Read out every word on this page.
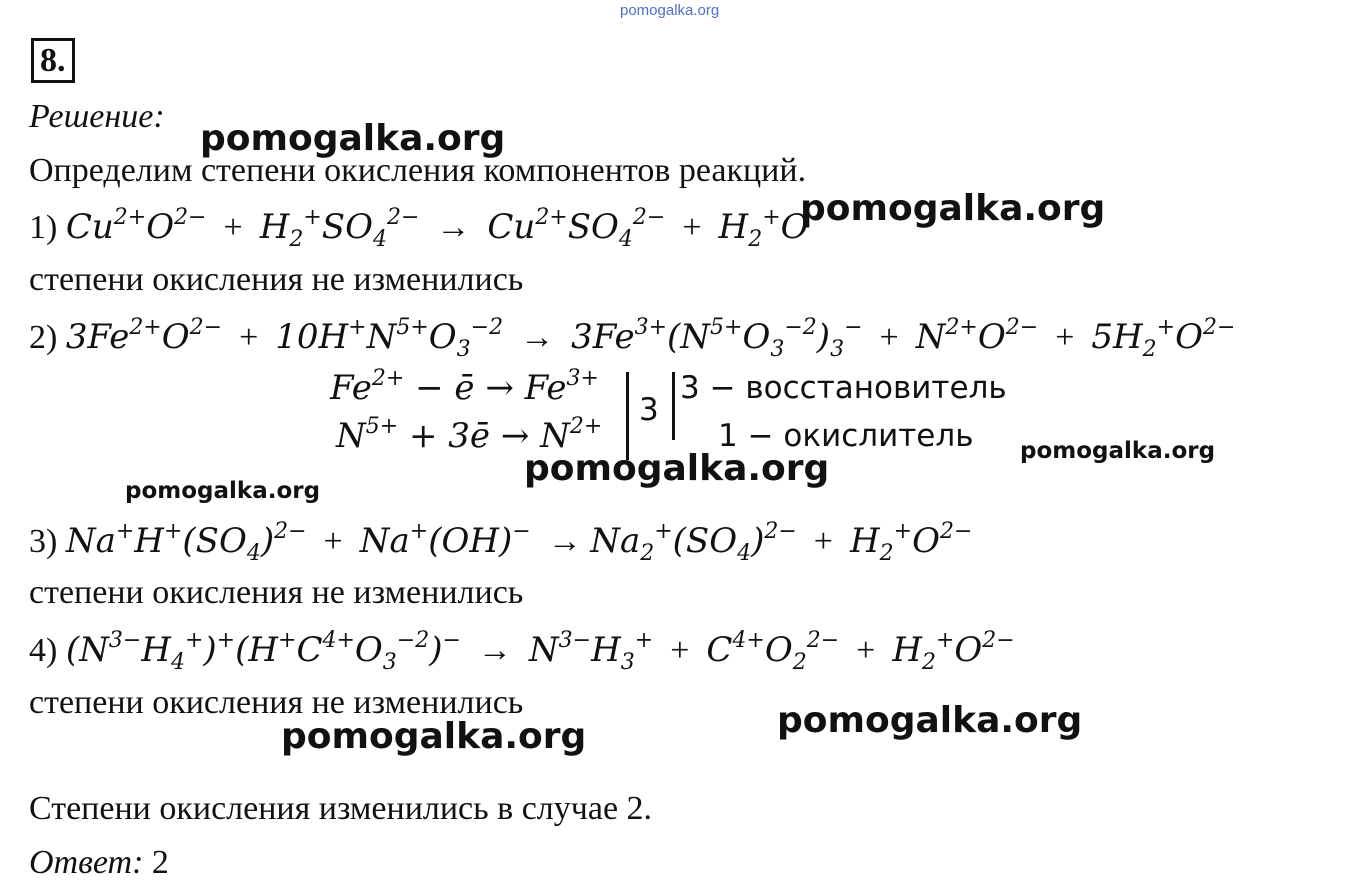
pomogalka.org
8.
Решение:
pomogalka.org
Определим степени окисления компонентов реакций.
1) $Cu^{2+}O^{2-} + H_2^+SO_4^{2-} \to Cu^{2+}SO_4^{2-} + H_2^+O$
pomogalka.org
степени окисления не изменились
2) $3Fe^{2+}O^{2-} + 10H^+N^{5+}O_3^{-2} \to 3Fe^{3+}(N^{5+}O_3^{-2})_3^- + N^{2+}O^{2-} + 5H_2^+O^{2-}$
$Fe^{2+}$ − ē → $Fe^{3+}$
$N^{5+}$ + 3ē → $N^{2+}$ 3
3 − восстановитель
1 − окислитель pomogalka.org
pomogalka.org
pomogalka.org
3) $Na^+H^+(SO_4)^{2-} + Na^+(OH)^- \to Na_2^+(SO_4)^{2-} + H_2^+O^{2-}$
степени окисления не изменились
4) $(N^{3-}H_4^+)^+(H^+C^{4+}O_3^{-2})^- \to N^{3-}H_3^+ + C^{4+}O_2^{2-} + H_2^+O^{2-}$
степени окисления не изменились	pomogalka.org
pomogalka.org
Степени окисления изменились в случае 2.
Ответ: 2
